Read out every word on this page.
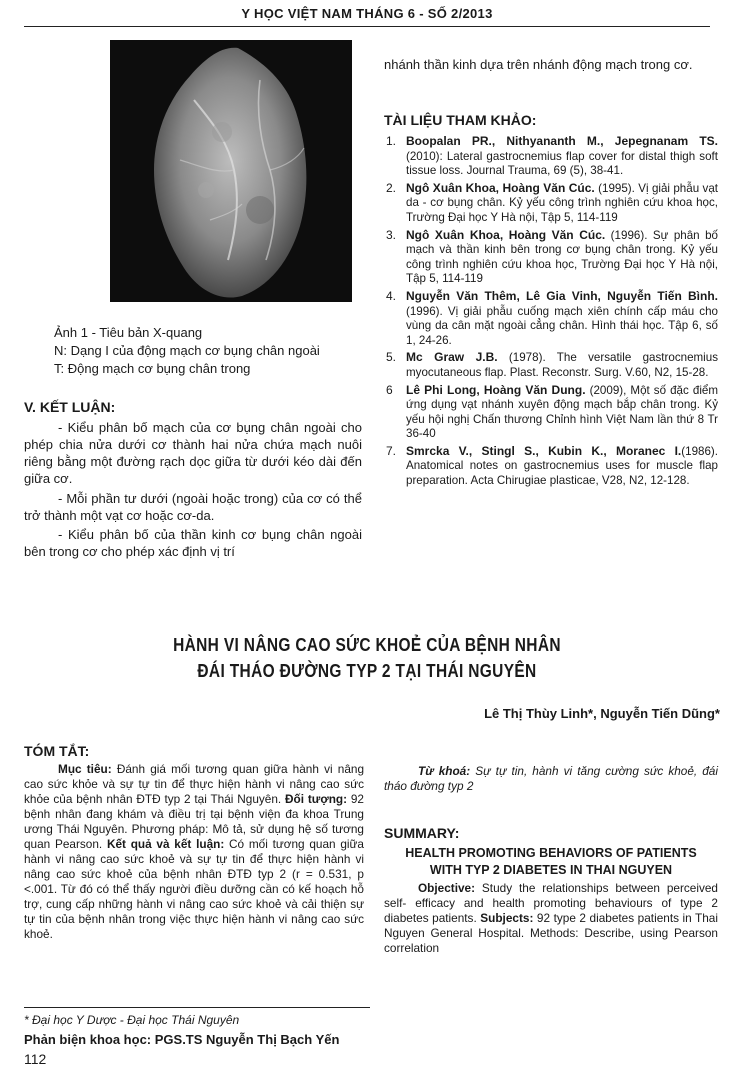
Y HỌC VIỆT NAM THÁNG 6 - SỐ 2/2013
Ảnh 1 - Tiêu bản X-quang
N: Dạng I của động mạch cơ bụng chân ngoài
T: Động mạch cơ bụng chân trong
V. KẾT LUẬN:
- Kiểu phân bố mạch của cơ bụng chân ngoài cho phép chia nửa dưới cơ thành hai nửa chứa mạch nuôi riêng bằng một đường rạch dọc giữa từ dưới kéo dài đến giữa cơ.
- Mỗi phần tư dưới (ngoài hoặc trong) của cơ có thể trở thành một vạt cơ hoặc cơ-da.
- Kiểu phân bố của thần kinh cơ bụng chân ngoài bên trong cơ cho phép xác định vị trí
nhánh thần kinh dựa trên nhánh động mạch trong cơ.
TÀI LIỆU THAM KHẢO:
1. Boopalan PR., Nithyananth M., Jepegnanam TS. (2010): Lateral gastrocnemius flap cover for distal thigh soft tissue loss. Journal Trauma, 69 (5), 38-41.
2. Ngô Xuân Khoa, Hoàng Văn Cúc. (1995). Vị giải phẫu vạt da - cơ bụng chân. Kỷ yếu công trình nghiên cứu khoa học, Trường Đại học Y Hà nội, Tập 5, 114-119
3. Ngô Xuân Khoa, Hoàng Văn Cúc. (1996). Sự phân bố mạch và thần kinh bên trong cơ bụng chân trong. Kỷ yếu công trình nghiên cứu khoa học, Trường Đại học Y Hà nội, Tập 5, 114-119
4. Nguyễn Văn Thêm, Lê Gia Vinh, Nguyễn Tiến Bình. (1996). Vị giải phẫu cuống mạch xiên chính cấp máu cho vùng da cân mặt ngoài cẳng chân. Hình thái học. Tập 6, số 1, 24-26.
5. Mc Graw J.B. (1978). The versatile gastrocnemius myocutaneous flap. Plast. Reconstr. Surg. V.60, N2, 15-28.
6 Lê Phi Long, Hoàng Văn Dung. (2009), Một số đặc điểm ứng dụng vạt nhánh xuyên động mạch bắp chân trong. Kỷ yếu hội nghị Chấn thương Chỉnh hình Việt Nam lần thứ 8 Tr 36-40
7. Smrcka V., Stingl S., Kubin K., Moranec I.(1986). Anatomical notes on gastrocnemius uses for muscle flap preparation. Acta Chirugiae plasticae, V28, N2, 12-128.
HÀNH VI NÂNG CAO SỨC KHOẺ CỦA BỆNH NHÂN
ĐÁI THÁO ĐƯỜNG TYP 2 TẠI THÁI NGUYÊN
Lê Thị Thùy Linh*, Nguyễn Tiến Dũng*
TÓM TẮT:
Mục tiêu: Đánh giá mối tương quan giữa hành vi nâng cao sức khỏe và sự tự tin để thực hiện hành vi nâng cao sức khỏe của bệnh nhân ĐTĐ typ 2 tại Thái Nguyên. Đối tượng: 92 bệnh nhân đang khám và điều trị tại bệnh viện đa khoa Trung ương Thái Nguyên. Phương pháp: Mô tả, sử dụng hệ số tương quan Pearson. Kết quả và kết luận: Có mối tương quan giữa hành vi nâng cao sức khoẻ và sự tự tin để thực hiện hành vi nâng cao sức khoẻ của bệnh nhân ĐTĐ typ 2 (r = 0.531, p <.001. Từ đó có thể thấy người điều dưỡng cần có kế hoạch hỗ trợ, cung cấp những hành vi nâng cao sức khoẻ và cải thiện sự tự tin của bệnh nhân trong việc thực hiện hành vi nâng cao sức khoẻ.
Từ khoá: Sự tự tin, hành vi tăng cường sức khoẻ, đái tháo đường typ 2
SUMMARY:
HEALTH PROMOTING BEHAVIORS OF PATIENTS
WITH TYP 2 DIABETES IN THAI NGUYEN
Objective: Study the relationships between perceived self- efficacy and health promoting behaviours of type 2 diabetes patients. Subjects: 92 type 2 diabetes patients in Thai Nguyen General Hospital. Methods: Describe, using Pearson correlation
* Đại học Y Dược - Đại học Thái Nguyên
Phản biện khoa học: PGS.TS Nguyễn Thị Bạch Yến
112
